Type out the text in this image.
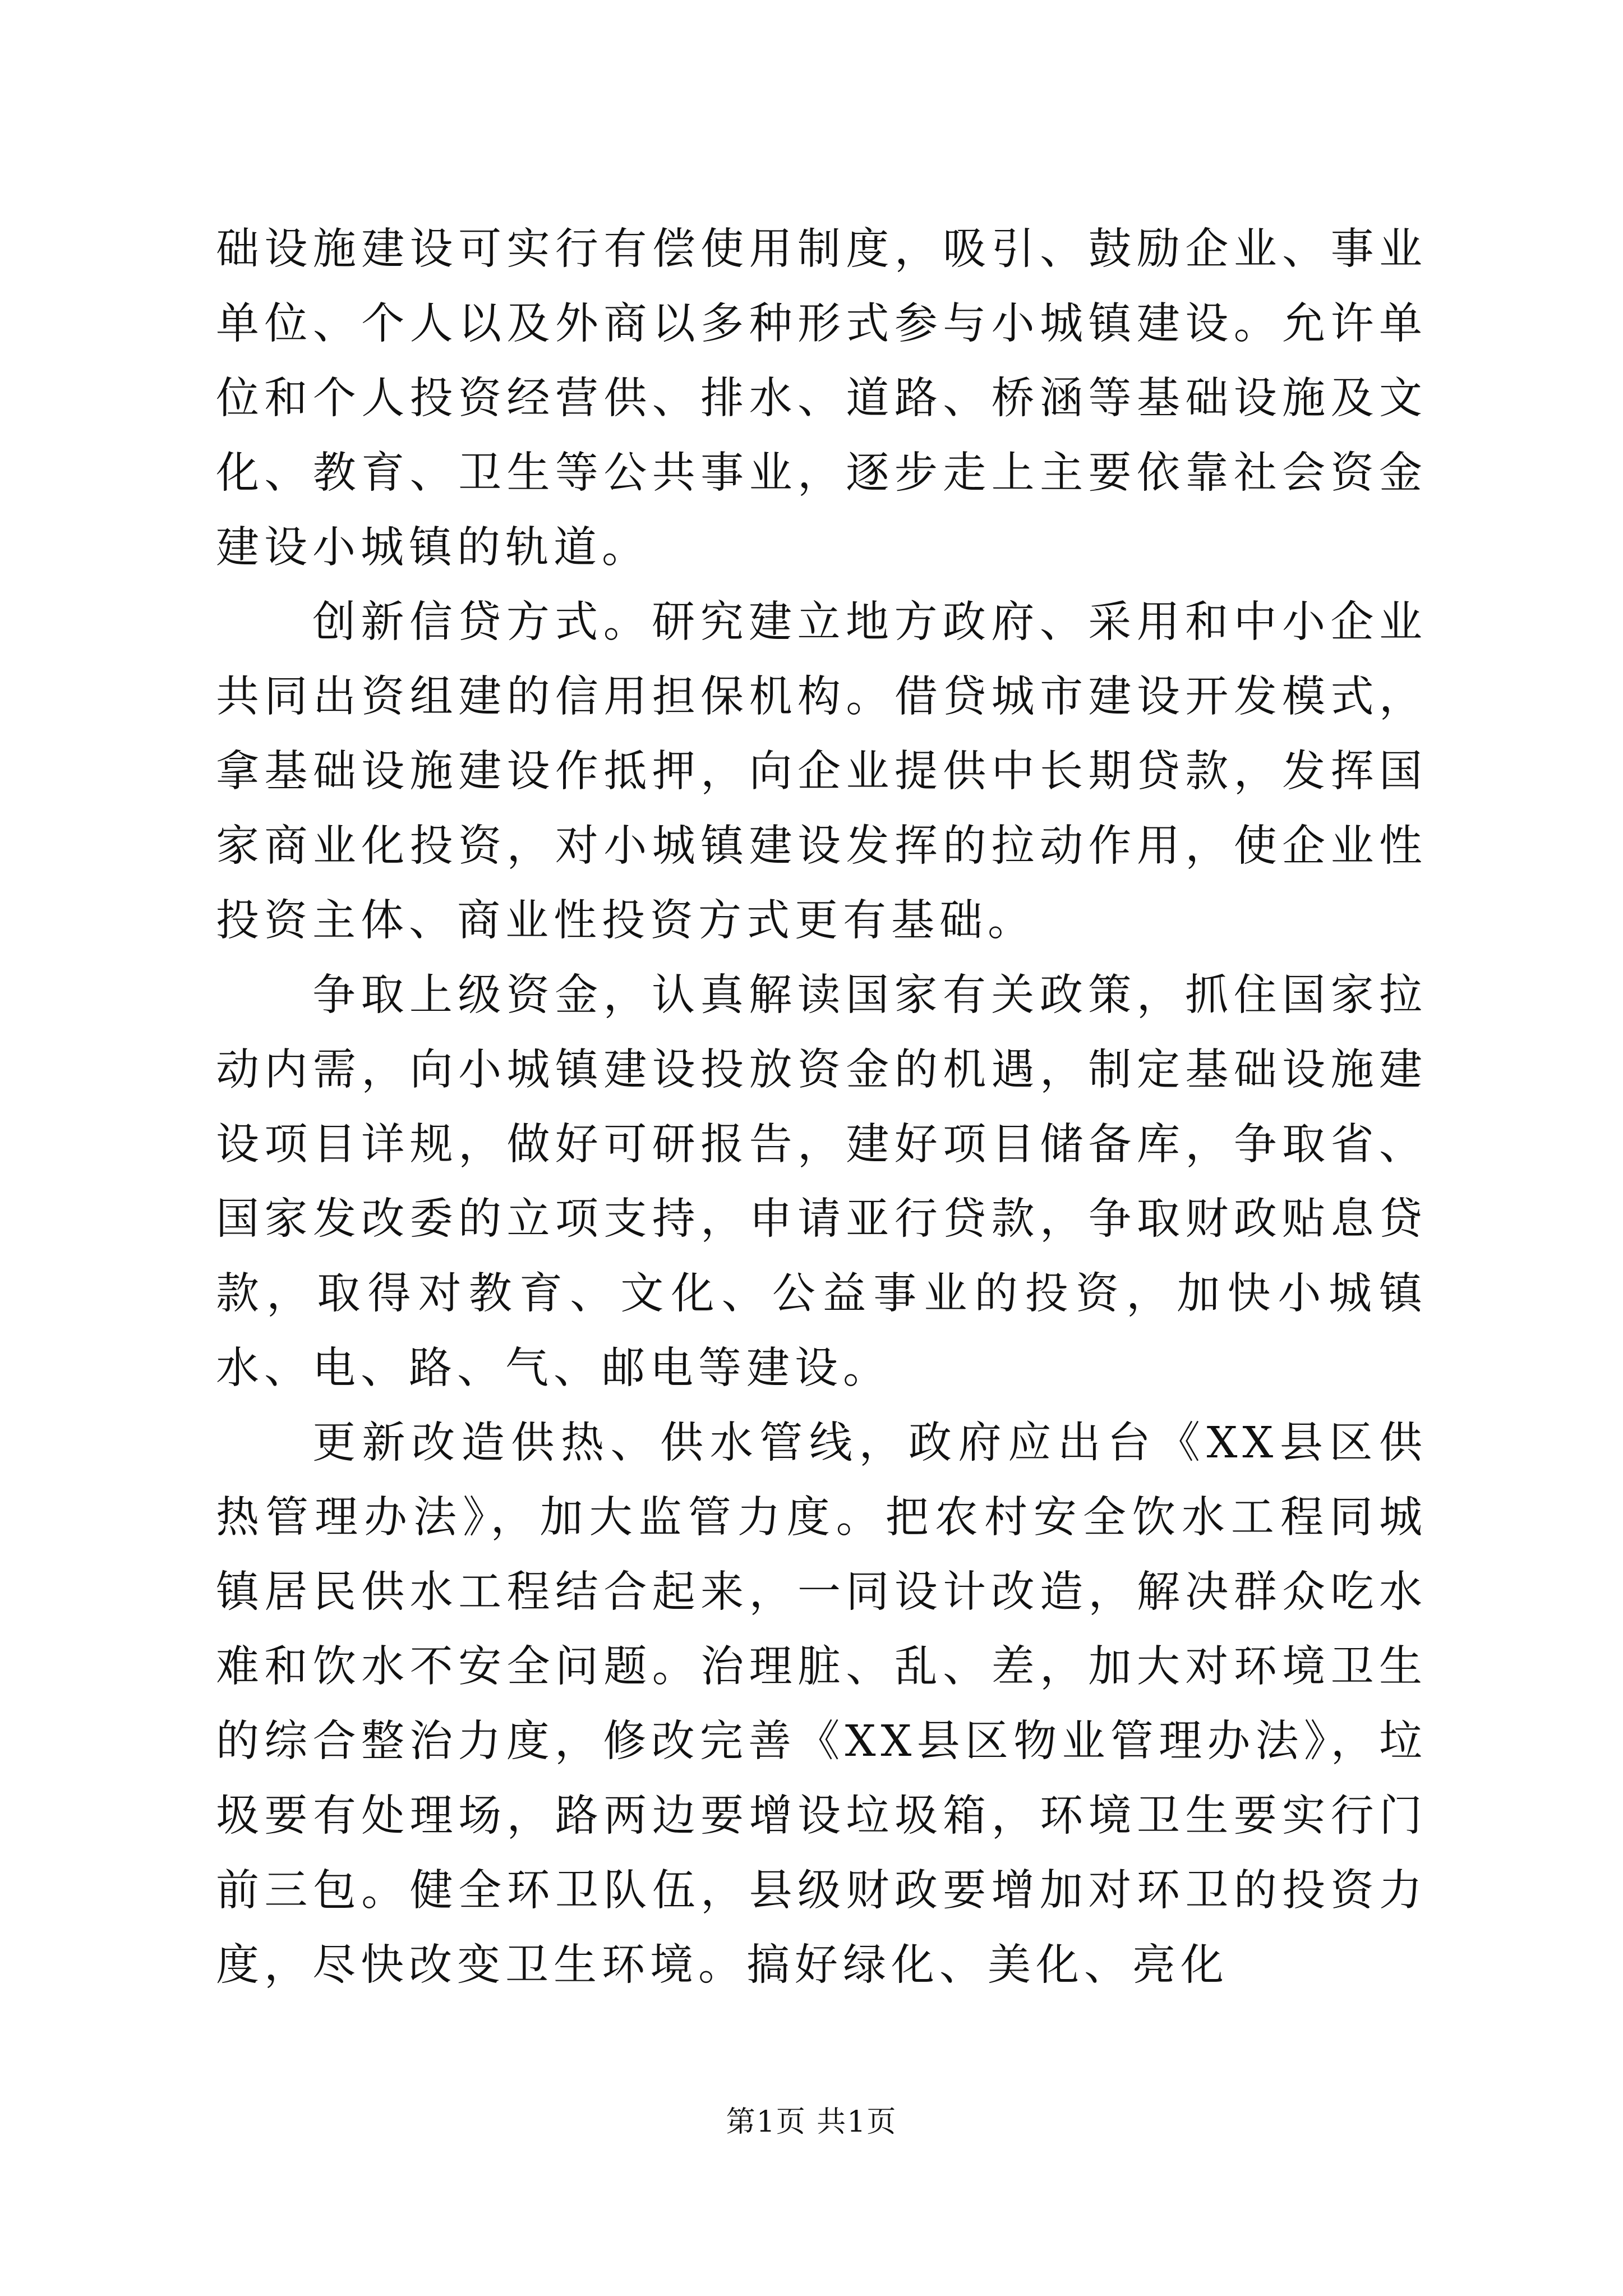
础设施建设可实行有偿使用制度，吸引、鼓励企业、事业单位、个人以及外商以多种形式参与小城镇建设。允许单位和个人投资经营供、排水、道路、桥涵等基础设施及文化、教育、卫生等公共事业，逐步走上主要依靠社会资金建设小城镇的轨道。

创新信贷方式。研究建立地方政府、采用和中小企业共同出资组建的信用担保机构。借贷城市建设开发模式，拿基础设施建设作抵押，向企业提供中长期贷款，发挥国家商业化投资，对小城镇建设发挥的拉动作用，使企业性投资主体、商业性投资方式更有基础。

争取上级资金，认真解读国家有关政策，抓住国家拉动内需，向小城镇建设投放资金的机遇，制定基础设施建设项目详规，做好可研报告，建好项目储备库，争取省、国家发改委的立项支持，申请亚行贷款，争取财政贴息贷款，取得对教育、文化、公益事业的投资，加快小城镇水、电、路、气、邮电等建设。

更新改造供热、供水管线，政府应出台《XX县区供热管理办法》，加大监管力度。把农村安全饮水工程同城镇居民供水工程结合起来，一同设计改造，解决群众吃水难和饮水不安全问题。治理脏、乱、差，加大对环境卫生的综合整治力度，修改完善《XX县区物业管理办法》，垃圾要有处理场，路两边要增设垃圾箱，环境卫生要实行门前三包。健全环卫队伍，县级财政要增加对环卫的投资力度，尽快改变卫生环境。搞好绿化、美化、亮化

第1页 共1页
